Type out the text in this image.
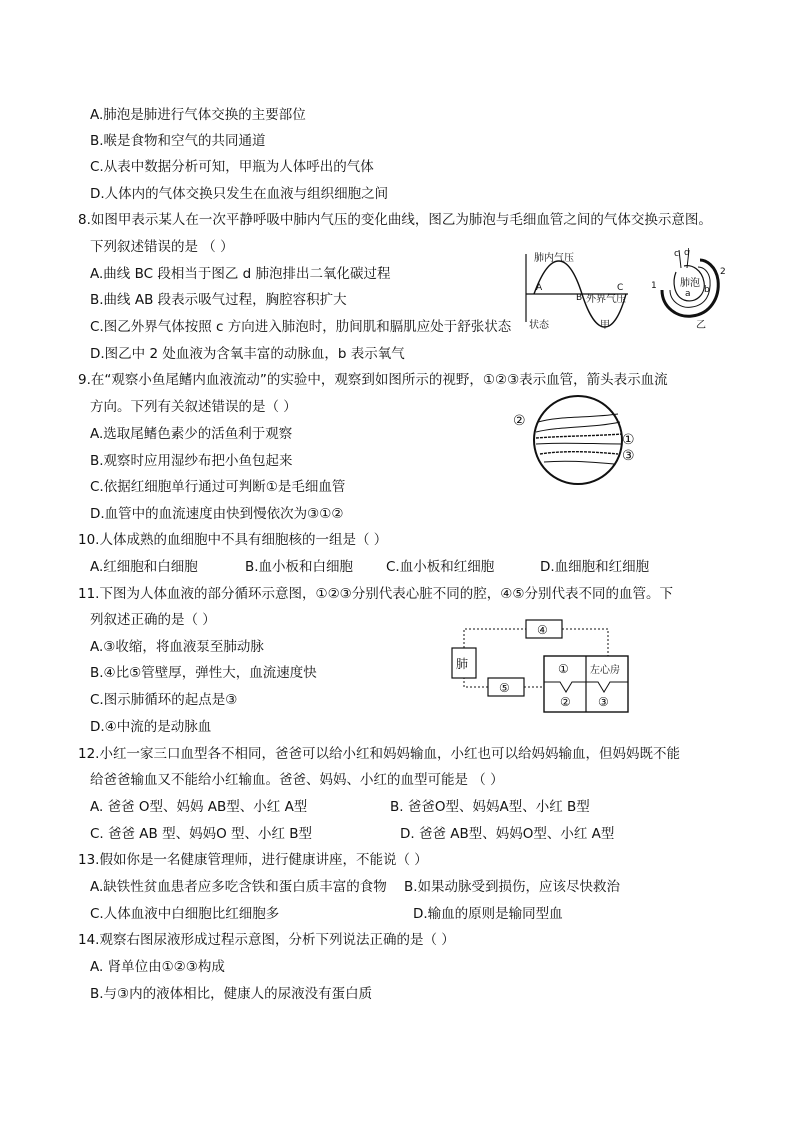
A.肺泡是肺进行气体交换的主要部位
B.喉是食物和空气的共同通道
C.从表中数据分析可知，甲瓶为人体呼出的气体
D.人体内的气体交换只发生在血液与组织细胞之间
8.如图甲表示某人在一次平静呼吸中肺内气压的变化曲线，图乙为肺泡与毛细血管之间的气体交换示意图。
下列叙述错误的是 （ ）
A.曲线 BC 段相当于图乙 d 肺泡排出二氧化碳过程
B.曲线 AB 段表示吸气过程，胸腔容积扩大
C.图乙外界气体按照 c 方向进入肺泡时，肋间肌和膈肌应处于舒张状态
D.图乙中 2 处血液为含氧丰富的动脉血，b 表示氧气
肺内气压
A
B
C
外界气压
状态	甲
肺泡
a b
c d
1
2
乙
9.在“观察小鱼尾鳍内血液流动”的实验中，观察到如图所示的视野，①②③表示血管，箭头表示血流
方向。下列有关叙述错误的是（ ）
A.选取尾鳍色素少的活鱼利于观察
B.观察时应用湿纱布把小鱼包起来
C.依据红细胞单行通过可判断①是毛细血管
D.血管中的血流速度由快到慢依次为③①②
②
①
③
10.人体成熟的血细胞中不具有细胞核的一组是（ ）
A.红细胞和白细胞	B.血小板和白细胞 C.血小板和红细胞	D.血细胞和红细胞
11.下图为人体血液的部分循环示意图，①②③分别代表心脏不同的腔，④⑤分别代表不同的血管。下
列叙述正确的是（ ）
A.③收缩，将血液泵至肺动脉
B.④比⑤管壁厚，弹性大，血流速度快
C.图示肺循环的起点是③
D.④中流的是动脉血
④
⑤
肺	①
②
左心房
③
12.小红一家三口血型各不相同，爸爸可以给小红和妈妈输血，小红也可以给妈妈输血，但妈妈既不能
给爸爸输血又不能给小红输血。爸爸、妈妈、小红的血型可能是 （ ）
A. 爸爸 O型、妈妈 AB型、小红 A型	B. 爸爸O型、妈妈A型、小红 B型
C. 爸爸 AB 型、妈妈O 型、小红 B型	D. 爸爸 AB型、妈妈O型、小红 A型
13.假如你是一名健康管理师，进行健康讲座，不能说（ ）
A.缺铁性贫血患者应多吃含铁和蛋白质丰富的食物 B.如果动脉受到损伤，应该尽快救治
C.人体血液中白细胞比红细胞多	D.输血的原则是输同型血
14.观察右图尿液形成过程示意图，分析下列说法正确的是（ ）
A. 肾单位由①②③构成
B.与③内的液体相比，健康人的尿液没有蛋白质
